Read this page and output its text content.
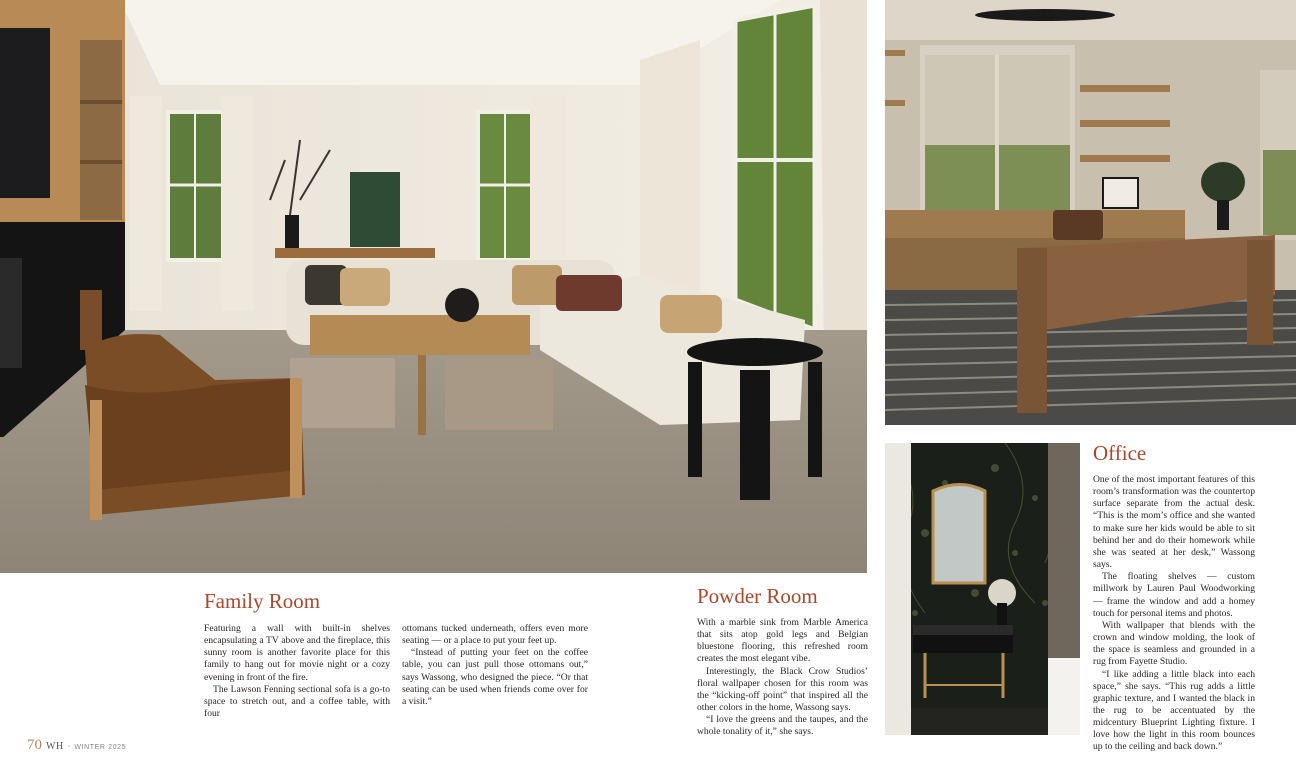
Family Room

Featuring a wall with built-in shelves encapsulating a TV above and the fireplace, this sunny room is another favorite place for this family to hang out for movie night or a cozy evening in front of the fire.

The Lawson Fenning sectional sofa is a go-to space to stretch out, and a coffee table, with four

ottomans tucked underneath, offers even more seating — or a place to put your feet up.

“Instead of putting your feet on the coffee table, you can just pull those ottomans out,” says Wassong, who designed the piece. “Or that seating can be used when friends come over for a visit.”

Powder Room

With a marble sink from Marble America that sits atop gold legs and Belgian bluestone flooring, this refreshed room creates the most elegant vibe.

Interestingly, the Black Crow Studios’ floral wallpaper chosen for this room was the “kicking-off point” that inspired all the other colors in the home, Wassong says.

“I love the greens and the taupes, and the whole tonality of it,” she says.

Office

One of the most important features of this room’s transformation was the countertop surface separate from the actual desk. “This is the mom’s office and she wanted to make sure her kids would be able to sit behind her and do their homework while she was seated at her desk,” Wassong says.

The floating shelves — custom millwork by Lauren Paul Woodworking — frame the window and add a homey touch for personal items and photos.

With wallpaper that blends with the crown and window molding, the look of the space is seamless and grounded in a rug from Fayette Studio.

“I like adding a little black into each space,” she says. “This rug adds a little graphic texture, and I wanted the black in the rug to be accentuated by the midcentury Blueprint Lighting fixture. I love how the light in this room bounces up to the ceiling and back down.”

70 WH · WINTER 2025
